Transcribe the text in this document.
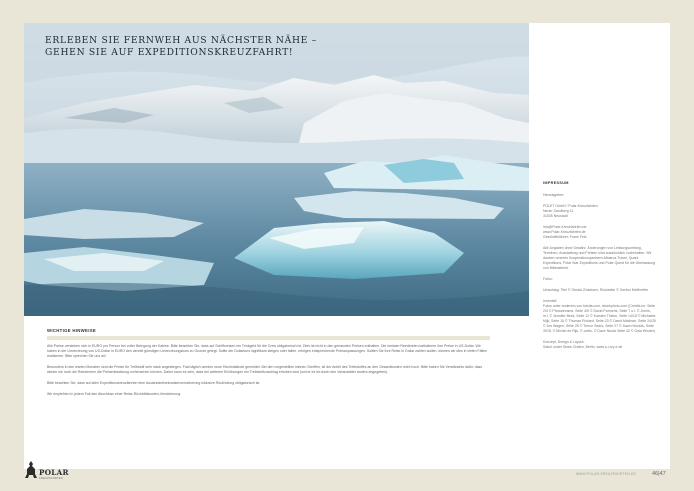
ERLEBEN SIE FERNWEH AUS NÄCHSTER NÄHE –
GEHEN SIE AUF EXPEDITIONSKREUZFAHRT!
WICHTIGE HINWEISE

Alle Preise verstehen sich in EURO pro Person bei voller Belegung der Kabine. Bitte beachten Sie, dass auf Schiffsreisen ein Trinkgeld für die Crew obligatorisch ist. Dies ist nicht in den genannten Preisen enthalten. Die meisten Reedereien kalkulieren ihre Preise in US-Dollar. Wir haben in der Umrechnung von US-Dollar in EURO den derzeit günstigen Umrechnungskurs zu Grunde gelegt. Sollte der Dollarkurs signifikant steigen oder fallen, erfolgen entsprechende Preisanpassungen. Sollten Sie Ihre Reise in Dollar zahlen wollen, können wir dies in vielen Fällen realisieren. Bitte sprechen Sie uns an!

Besonders in den letzten Monaten sind die Preise für Treibstoff sehr stark angestiegen. Fast täglich werden neue Höchststände gemeldet. Bei den vorgestellten kleinen Schiffen, ist der Anteil des Treibstoffes an den Gesamtkosten recht hoch. Bitte haben Sie Verständnis dafür, dass wieder wir noch die Reedereien die Preisentwicklung vorhersehen können. Daher kann es sein, dass bei weiteren Erhöhungen ein Treibstoffzuschlag erhoben wird (soll er es ist durch den Veranstalter anders angegeben).

Bitte beachten Sie, dass auf allen Expeditionskreuzfahrten eine Auslandsreisekrankenversicherung inklusive Rückholung obligatorisch ist.

Wir empfehlen in jedem Fall den Abschluss einer Reise-Rücktrittskosten-Versicherung.

IMPRESSUM
Herausgeber:
POLET GmbH / Polar-Kreuzfahrten
Neuer Sandberg 11
31535 Neustadt
info@Polar-Kreuzfahrten.de
www.Polar-Kreuzfahrten.de
Geschäftsführer: Frank Fetz
Alle Angaben ohne Gewähr. Änderungen von Leistungsumfang, Terminen, Ausstattung und Preisen sind ausdrücklich vorbehalten. Wir danken unseren Kooperationspartnern Albatros Travel, Quark Expeditions, Polar Star Expeditions und Polar Quest für die Überlassung von Bildmaterial.
Fotos:
Umschlag: Titel © Gerald Zinkeisen, Rückseite © Gerlinz Meifhreifer
Innenteil:
Fotos unter anderem von fotolia.com, istockphoto.com (Credits im: Seite 2/3 © Photodreams, Seite 4/5 © David Parmeris, Seite 7 u.l. © Jornis, m.l. © Jennifer Beck, Seite 12 © Karsten Thieku, Seite 14/15 © Michaela Mijk, Seite 15 © Thomas Pickard, Seite 23 © David Mattown, Seite 24/25 © Jes Wagen, Seite 26 © Trevor Sears, Seite 27 © Dawn Nichols, Seite 30/31 © Michel de Rijk, © cortis, © Dave Nicols Seite 42 © Gala Winder)
Konzept, Design & Layout:
Saturi under Stoke Grafen, Berlin, www.s-i-cry-e.de
POLAR
KREUZFAHRTEN
WWW.POLAR-KREUZFAHRTEN.DE	46|47
